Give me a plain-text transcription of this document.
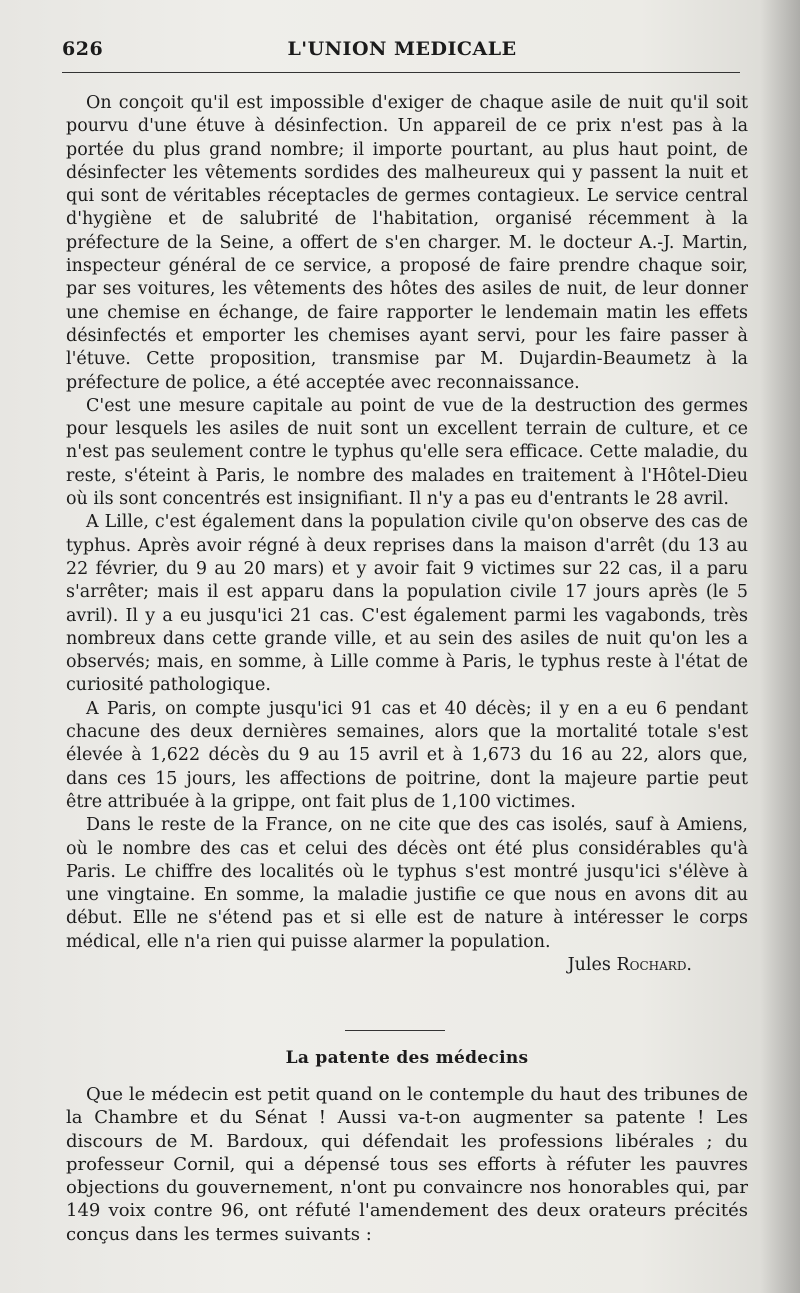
626	L'UNION MEDICALE

On conçoit qu'il est impossible d'exiger de chaque asile de nuit qu'il soit pourvu d'une étuve à désinfection. Un appareil de ce prix n'est pas à la portée du plus grand nombre; il importe pourtant, au plus haut point, de désinfecter les vêtements sordides des malheureux qui y passent la nuit et qui sont de véritables réceptacles de germes contagieux. Le service central d'hygiène et de salubrité de l'habitation, organisé récemment à la préfecture de la Seine, a offert de s'en charger. M. le docteur A.-J. Martin, inspecteur général de ce service, a proposé de faire prendre chaque soir, par ses voitures, les vêtements des hôtes des asiles de nuit, de leur donner une chemise en échange, de faire rapporter le lendemain matin les effets désinfectés et emporter les chemises ayant servi, pour les faire passer à l'étuve. Cette proposition, transmise par M. Dujardin-Beaumetz à la préfecture de police, a été acceptée avec reconnaissance.

C'est une mesure capitale au point de vue de la destruction des germes pour lesquels les asiles de nuit sont un excellent terrain de culture, et ce n'est pas seulement contre le typhus qu'elle sera efficace. Cette maladie, du reste, s'éteint à Paris, le nombre des malades en traitement à l'Hôtel-Dieu où ils sont concentrés est insignifiant. Il n'y a pas eu d'entrants le 28 avril.

A Lille, c'est également dans la population civile qu'on observe des cas de typhus. Après avoir régné à deux reprises dans la maison d'arrêt (du 13 au 22 février, du 9 au 20 mars) et y avoir fait 9 victimes sur 22 cas, il a paru s'arrêter; mais il est apparu dans la population civile 17 jours après (le 5 avril). Il y a eu jusqu'ici 21 cas. C'est également parmi les vagabonds, très nombreux dans cette grande ville, et au sein des asiles de nuit qu'on les a observés; mais, en somme, à Lille comme à Paris, le typhus reste à l'état de curiosité pathologique.

A Paris, on compte jusqu'ici 91 cas et 40 décès; il y en a eu 6 pendant chacune des deux dernières semaines, alors que la mortalité totale s'est élevée à 1,622 décès du 9 au 15 avril et à 1,673 du 16 au 22, alors que, dans ces 15 jours, les affections de poitrine, dont la majeure partie peut être attribuée à la grippe, ont fait plus de 1,100 victimes.

Dans le reste de la France, on ne cite que des cas isolés, sauf à Amiens, où le nombre des cas et celui des décès ont été plus considérables qu'à Paris. Le chiffre des localités où le typhus s'est montré jusqu'ici s'élève à une vingtaine. En somme, la maladie justifie ce que nous en avons dit au début. Elle ne s'étend pas et si elle est de nature à intéresser le corps médical, elle n'a rien qui puisse alarmer la population.

Jules Rochard.

La patente des médecins

Que le médecin est petit quand on le contemple du haut des tribunes de la Chambre et du Sénat ! Aussi va-t-on augmenter sa patente ! Les discours de M. Bardoux, qui défendait les professions libérales ; du professeur Cornil, qui a dépensé tous ses efforts à réfuter les pauvres objections du gouvernement, n'ont pu convaincre nos honorables qui, par 149 voix contre 96, ont réfuté l'amendement des deux orateurs précités conçus dans les termes suivants :
